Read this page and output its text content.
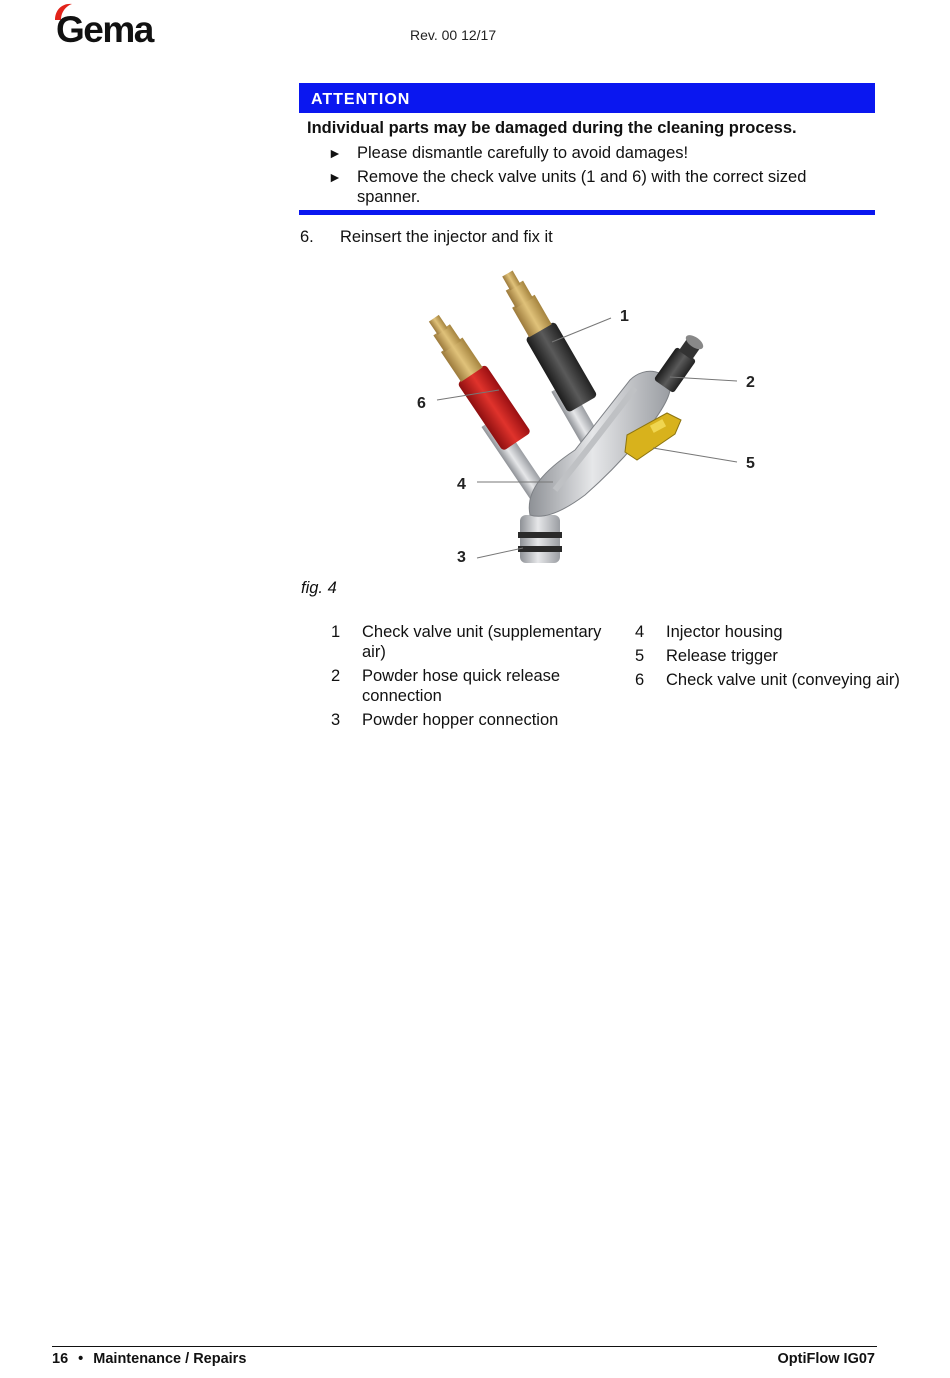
Gema	Rev. 00 12/17
ATTENTION
Individual parts may be damaged during the cleaning process.
► Please dismantle carefully to avoid damages!
► Remove the check valve units (1 and 6) with the correct sized spanner.
6. Reinsert the injector and fix it
1
2
3
4
5
6
fig. 4
1 Check valve unit (supplementary air)
2 Powder hose quick release connection
3 Powder hopper connection
4 Injector housing
5 Release trigger
6 Check valve unit (conveying air)
16 • Maintenance / Repairs	OptiFlow IG07
